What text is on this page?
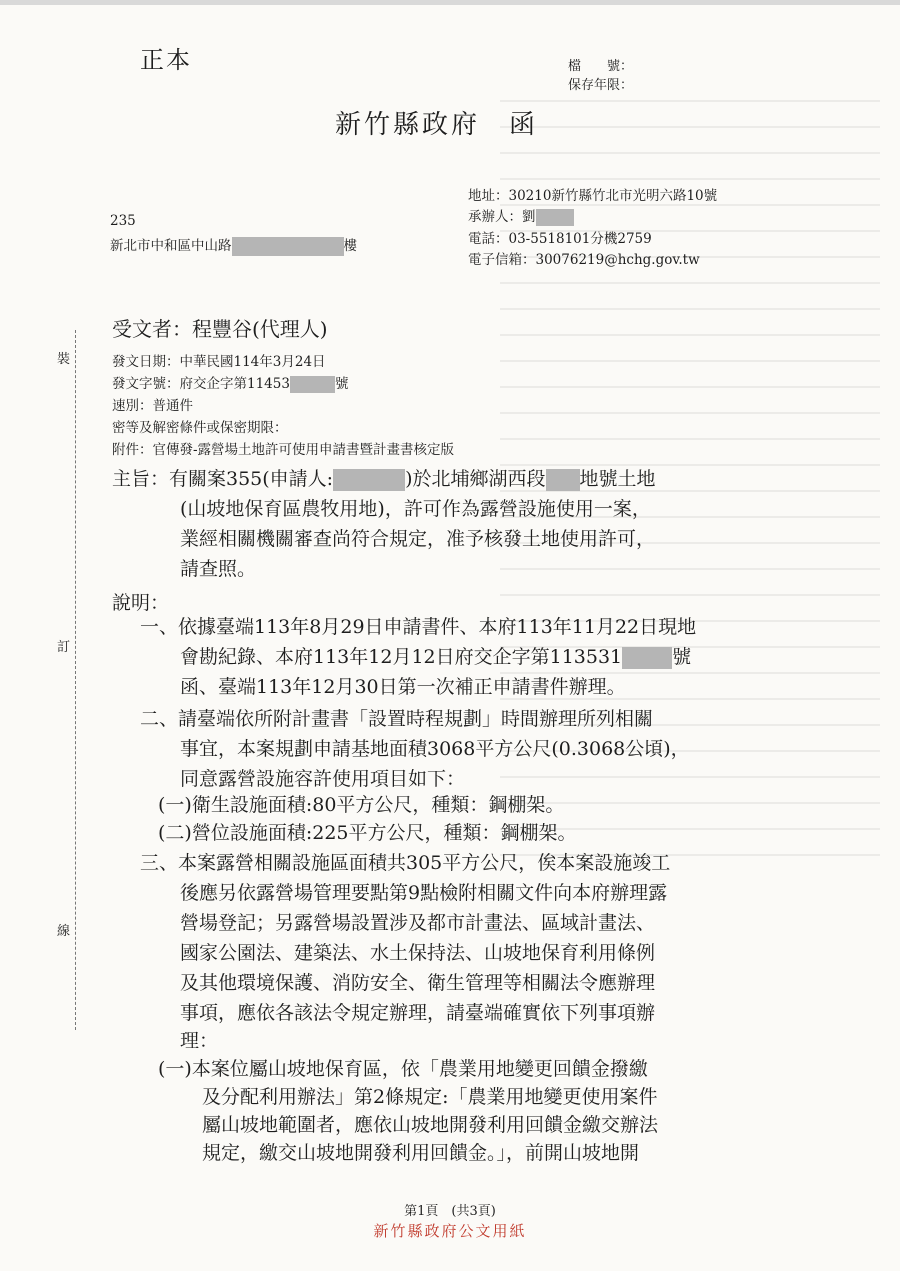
正本	檔　　號：
保存年限：
新竹縣政府　函
地址：30210新竹縣竹北市光明六路10號
承辦人：劉
電話：03-5518101分機2759
電子信箱：30076219@hchg.gov.tw
235
新北市中和區中山路	樓
受文者：程豐谷(代理人)
發文日期：中華民國114年3月24日
發文字號：府交企字第11453	號
速別：普通件
密等及解密條件或保密期限：
附件：官傳發-露營場土地許可使用申請書暨計畫書核定版
主旨：有關案355(申請人:	)於北埔鄉湖西段 地號土地
(山坡地保育區農牧用地)，許可作為露營設施使用一案，
業經相關機關審查尚符合規定，准予核發土地使用許可，
請查照。
說明：
一、依據臺端113年8月29日申請書件、本府113年11月22日現地
會勘紀錄、本府113年12月12日府交企字第113531	號
函、臺端113年12月30日第一次補正申請書件辦理。
二、請臺端依所附計畫書「設置時程規劃」時間辦理所列相關
事宜，本案規劃申請基地面積3068平方公尺(0.3068公頃)，
同意露營設施容許使用項目如下：
(一)衛生設施面積:80平方公尺，種類：鋼棚架。
(二)營位設施面積:225平方公尺，種類：鋼棚架。
三、本案露營相關設施區面積共305平方公尺，俟本案設施竣工
後應另依露營場管理要點第9點檢附相關文件向本府辦理露
營場登記；另露營場設置涉及都市計畫法、區域計畫法、
國家公園法、建築法、水土保持法、山坡地保育利用條例
及其他環境保護、消防安全、衛生管理等相關法令應辦理
事項，應依各該法令規定辦理，請臺端確實依下列事項辦
理：
(一)本案位屬山坡地保育區，依「農業用地變更回饋金撥繳
及分配利用辦法」第2條規定:「農業用地變更使用案件
屬山坡地範圍者，應依山坡地開發利用回饋金繳交辦法
規定，繳交山坡地開發利用回饋金。」，前開山坡地開
裝
訂
線
第1頁　(共3頁)
新竹縣政府公文用紙
